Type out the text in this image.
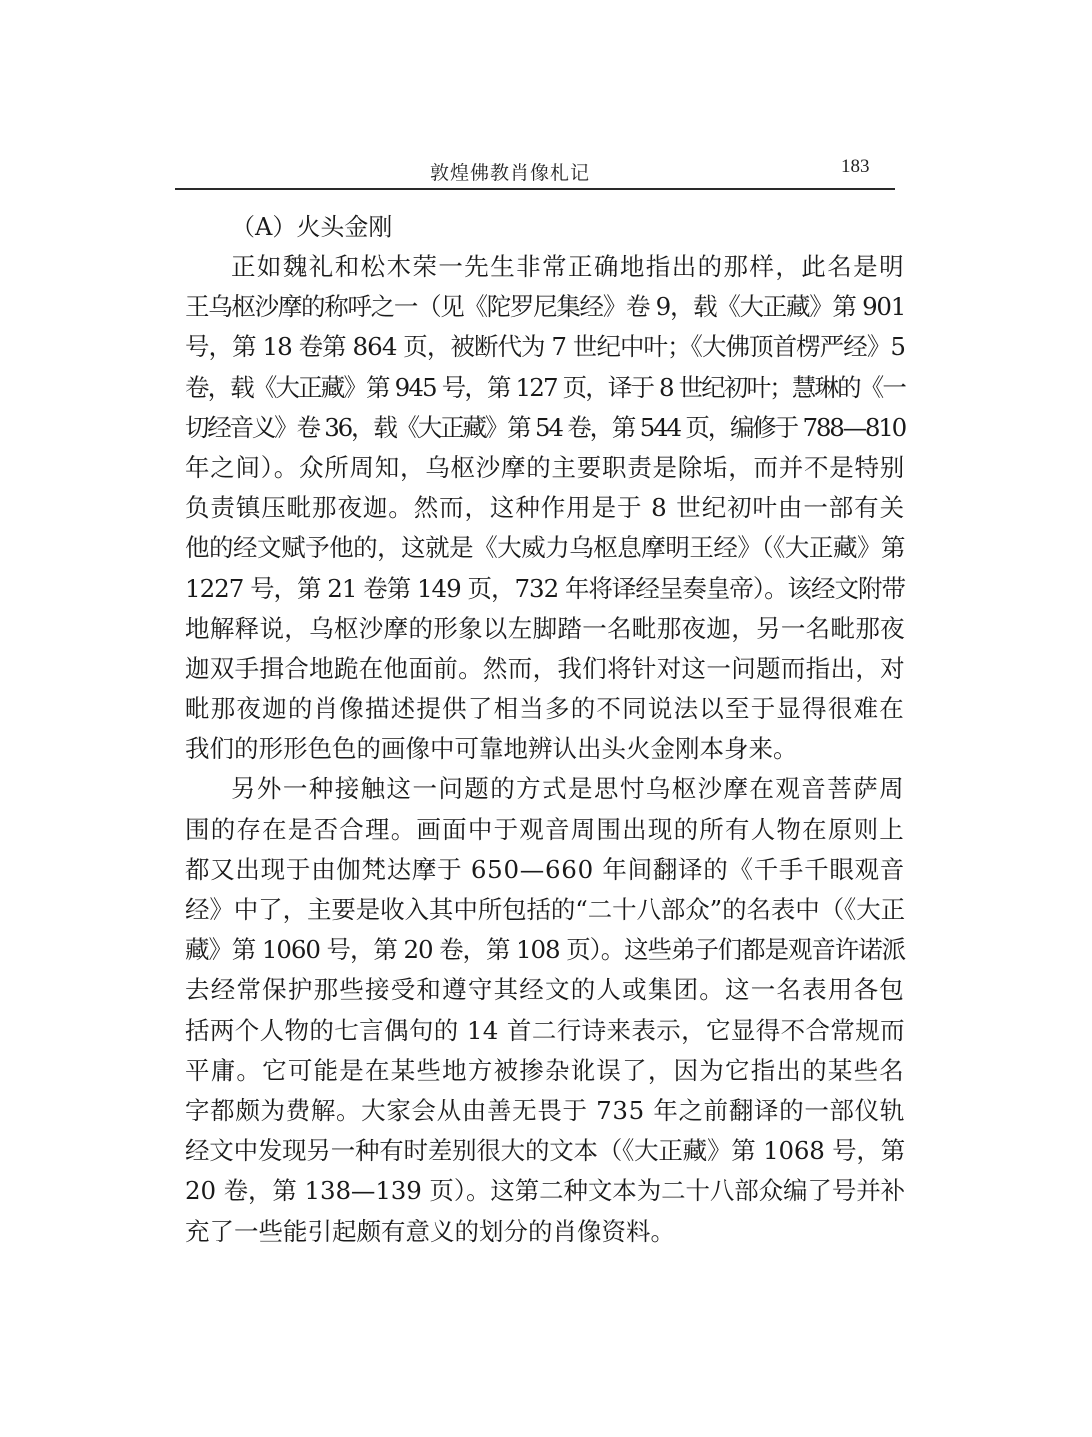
敦煌佛教肖像札记	183
（A）火头金刚
正如魏礼和松木荣一先生非常正确地指出的那样，此名是明
王乌枢沙摩的称呼之一（见《陀罗尼集经》卷 9，载《大正藏》第 901
号，第 18 卷第 864 页，被断代为 7 世纪中叶；《大佛顶首楞严经》5
卷，载《大正藏》第 945 号，第 127 页，译于 8 世纪初叶；慧琳的《一
切经音义》卷 36，载《大正藏》第 54 卷，第 544 页，编修于 788—810
年之间）。众所周知，乌枢沙摩的主要职责是除垢，而并不是特别
负责镇压毗那夜迦。然而，这种作用是于 8 世纪初叶由一部有关
他的经文赋予他的，这就是《大威力乌枢息摩明王经》（《大正藏》第
1227 号，第 21 卷第 149 页，732 年将译经呈奏皇帝）。该经文附带
地解释说，乌枢沙摩的形象以左脚踏一名毗那夜迦，另一名毗那夜
迦双手揖合地跪在他面前。然而，我们将针对这一问题而指出，对
毗那夜迦的肖像描述提供了相当多的不同说法以至于显得很难在
我们的形形色色的画像中可靠地辨认出头火金刚本身来。
另外一种接触这一问题的方式是思忖乌枢沙摩在观音菩萨周
围的存在是否合理。画面中于观音周围出现的所有人物在原则上
都又出现于由伽梵达摩于 650—660 年间翻译的《千手千眼观音
经》中了，主要是收入其中所包括的“二十八部众”的名表中（《大正
藏》第 1060 号，第 20 卷，第 108 页）。这些弟子们都是观音许诺派
去经常保护那些接受和遵守其经文的人或集团。这一名表用各包
括两个人物的七言偶句的 14 首二行诗来表示，它显得不合常规而
平庸。它可能是在某些地方被掺杂讹误了，因为它指出的某些名
字都颇为费解。大家会从由善无畏于 735 年之前翻译的一部仪轨
经文中发现另一种有时差别很大的文本（《大正藏》第 1068 号，第
20 卷，第 138—139 页）。这第二种文本为二十八部众编了号并补
充了一些能引起颇有意义的划分的肖像资料。
